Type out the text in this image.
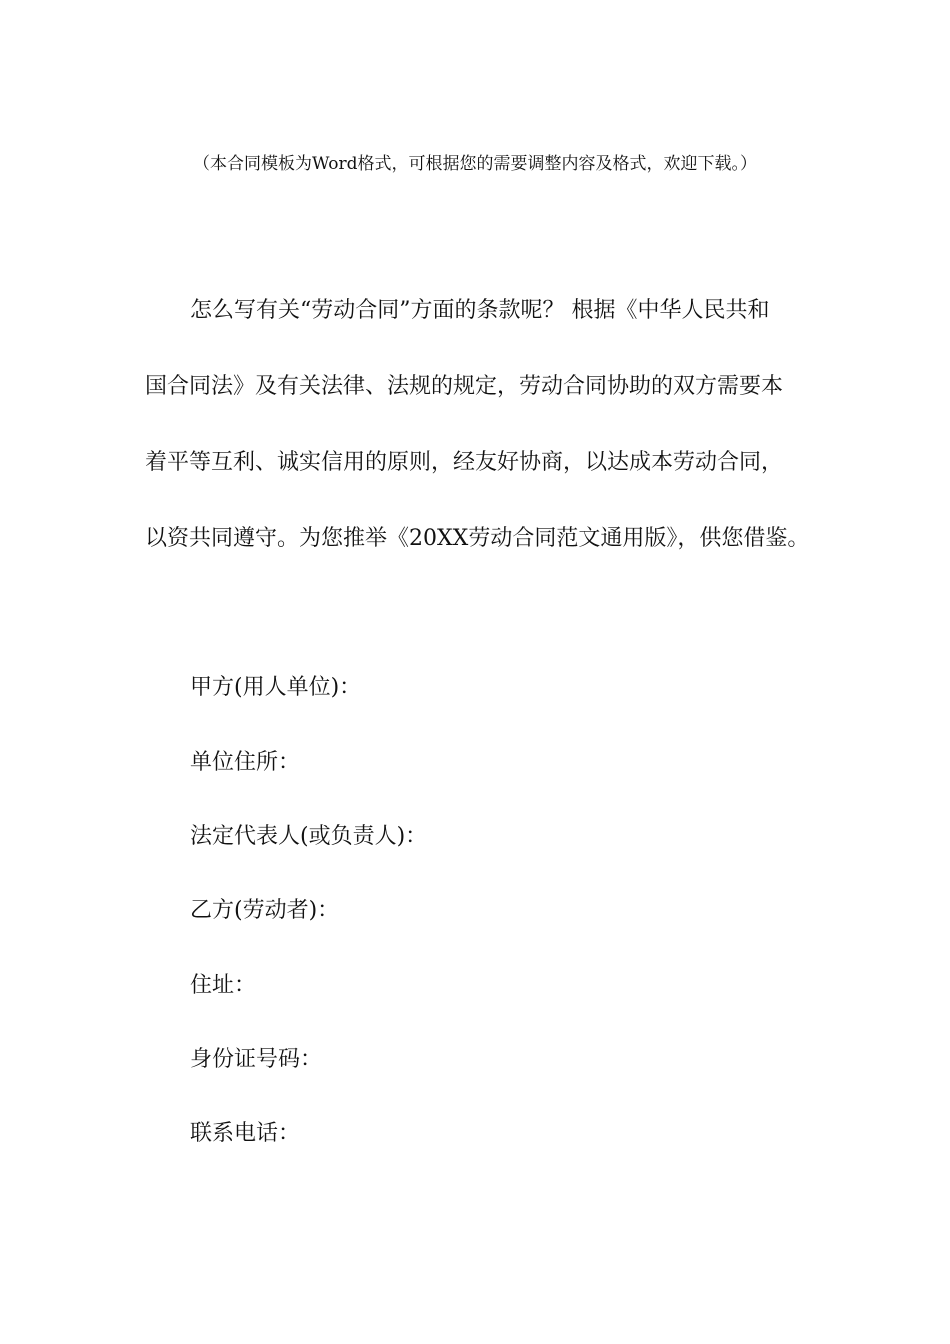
（本合同模板为Word格式，可根据您的需要调整内容及格式，欢迎下载。）
怎么写有关“劳动合同”方面的条款呢？ 根据《中华人民共和
国合同法》及有关法律、法规的规定，劳动合同协助的双方需要本
着平等互利、诚实信用的原则，经友好协商，以达成本劳动合同，
以资共同遵守。为您推举《20XX劳动合同范文通用版》，供您借鉴。
甲方(用人单位)：
单位住所：
法定代表人(或负责人)：
乙方(劳动者)：
住址：
身份证号码：
联系电话：
